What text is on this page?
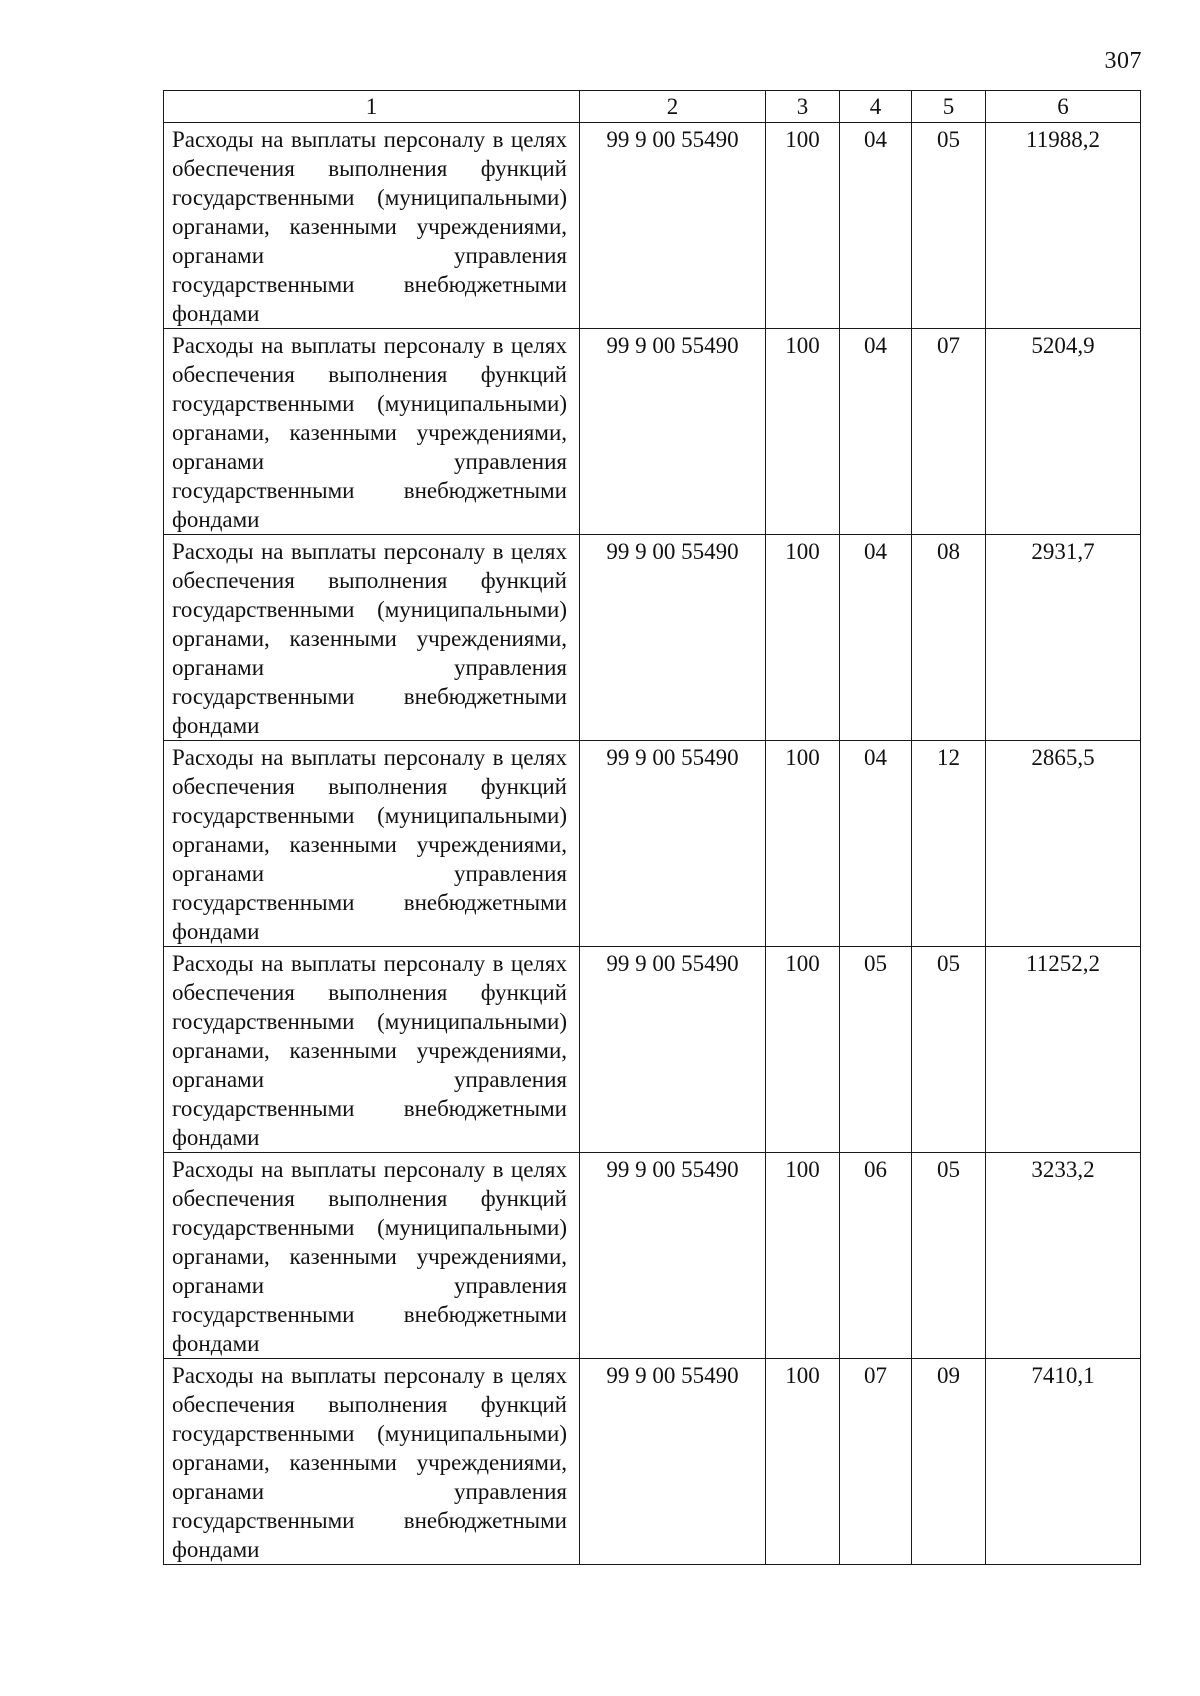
307
1	2	3	4	5	6
Расходы на выплаты персоналу в целях обеспечения выполнения функций государственными (муниципальными) органами, казенными учреждениями, органами управления государственными внебюджетными фондами	99 9 00 55490	100	04	05	11988,2
Расходы на выплаты персоналу в целях обеспечения выполнения функций государственными (муниципальными) органами, казенными учреждениями, органами управления государственными внебюджетными фондами	99 9 00 55490	100	04	07	5204,9
Расходы на выплаты персоналу в целях обеспечения выполнения функций государственными (муниципальными) органами, казенными учреждениями, органами управления государственными внебюджетными фондами	99 9 00 55490	100	04	08	2931,7
Расходы на выплаты персоналу в целях обеспечения выполнения функций государственными (муниципальными) органами, казенными учреждениями, органами управления государственными внебюджетными фондами	99 9 00 55490	100	04	12	2865,5
Расходы на выплаты персоналу в целях обеспечения выполнения функций государственными (муниципальными) органами, казенными учреждениями, органами управления государственными внебюджетными фондами	99 9 00 55490	100	05	05	11252,2
Расходы на выплаты персоналу в целях обеспечения выполнения функций государственными (муниципальными) органами, казенными учреждениями, органами управления государственными внебюджетными фондами	99 9 00 55490	100	06	05	3233,2
Расходы на выплаты персоналу в целях обеспечения выполнения функций государственными (муниципальными) органами, казенными учреждениями, органами управления государственными внебюджетными фондами	99 9 00 55490	100	07	09	7410,1
